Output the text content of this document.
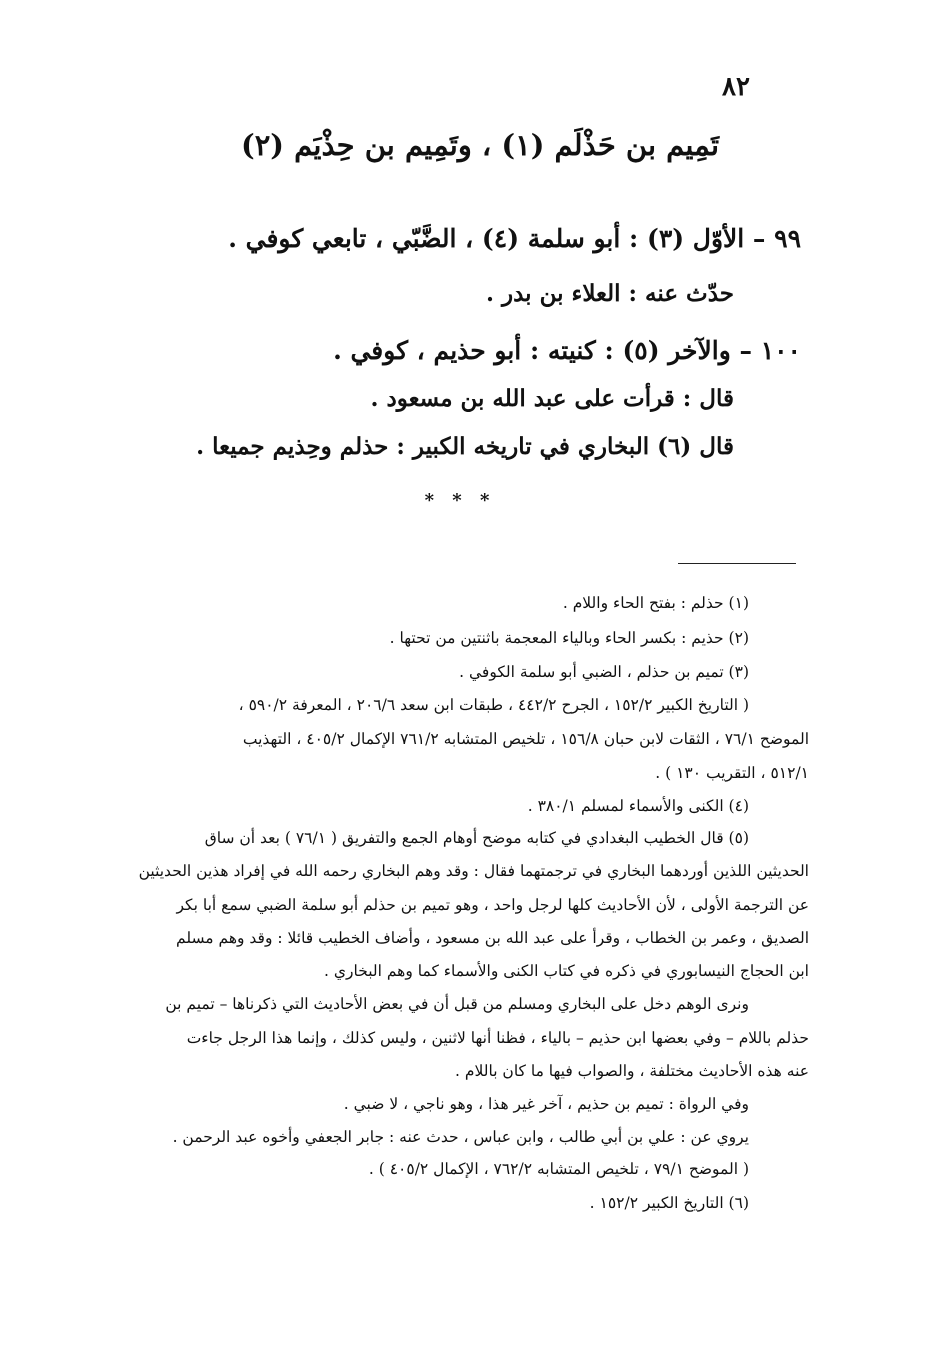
٨٢
تَمِيم بن حَذْلَم (١) ، وتَمِيم بن حِذْيَم (٢)
٩٩ – الأوّل (٣) : أبو سلمة (٤) ، الضَّبّي ، تابعي كوفي .
حدّث عنه : العلاء بن بدر .
١٠٠ – والآخر (٥) : كنيته : أبو حذيم ، كوفي .
قال : قرأت على عبد الله بن مسعود .
قال (٦) البخاري في تاريخه الكبير : حذلم وحِذيم جميعا .
* * *
(١) حذلم : بفتح الحاء واللام .
(٢) حذيم : بكسر الحاء وبالياء المعجمة باثنتين من تحتها .
(٣) تميم بن حذلم ، الضبي أبو سلمة الكوفي .
( التاريخ الكبير ١٥٢/٢ ، الجرح ٤٤٢/٢ ، طبقات ابن سعد ٢٠٦/٦ ، المعرفة ٥٩٠/٢ ،
الموضح ٧٦/١ ، الثقات لابن حبان ١٥٦/٨ ، تلخيص المتشابه ٧٦١/٢ الإكمال ٤٠٥/٢ ، التهذيب
٥١٢/١ ، التقريب ١٣٠ ) .
(٤) الكنى والأسماء لمسلم ٣٨٠/١ .
(٥) قال الخطيب البغدادي في كتابه موضح أوهام الجمع والتفريق ( ٧٦/١ ) بعد أن ساق
الحديثين اللذين أوردهما البخاري في ترجمتهما فقال : وقد وهم البخاري رحمه الله في إفراد هذين الحديثين
عن الترجمة الأولى ، لأن الأحاديث كلها لرجل واحد ، وهو تميم بن حذلم أبو سلمة الضبي سمع أبا بكر
الصديق ، وعمر بن الخطاب ، وقرأ على عبد الله بن مسعود ، وأضاف الخطيب قائلا : وقد وهم مسلم
ابن الحجاج النيسابوري في ذكره في كتاب الكنى والأسماء كما وهم البخاري .
ونرى الوهم دخل على البخاري ومسلم من قبل أن في بعض الأحاديث التي ذكرناها – تميم بن
حذلم باللام – وفي بعضها ابن حذيم – بالياء ، فظنا أنها لاثنين ، وليس كذلك ، وإنما هذا الرجل جاءت
عنه هذه الأحاديث مختلفة ، والصواب فيها ما كان باللام .
وفي الرواة : تميم بن حذيم ، آخر غير هذا ، وهو ناجي ، لا ضبي .
يروي عن : علي بن أبي طالب ، وابن عباس ، حدث عنه : جابر الجعفي وأخوه عبد الرحمن .
( الموضح ٧٩/١ ، تلخيص المتشابه ٧٦٢/٢ ، الإكمال ٤٠٥/٢ ) .
(٦) التاريخ الكبير ١٥٢/٢ .
